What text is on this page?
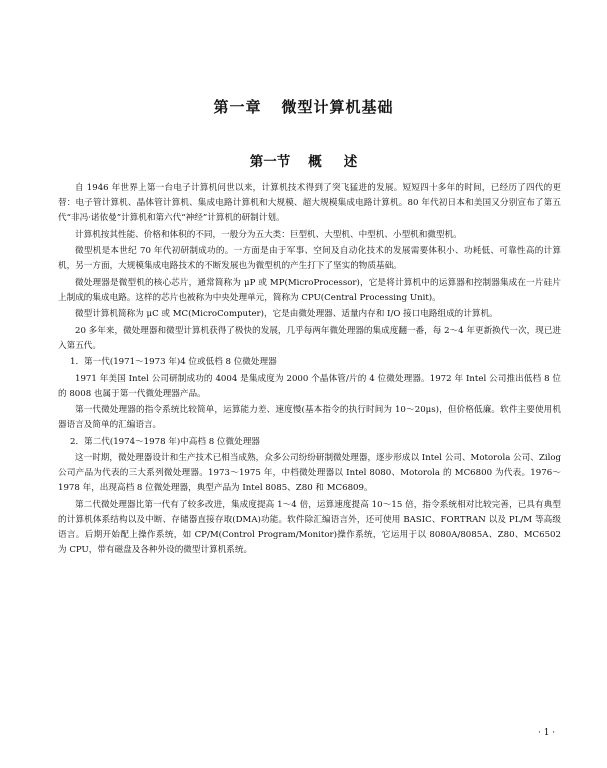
第一章 微型计算机基础
第一节 概 述

自 1946 年世界上第一台电子计算机问世以来，计算机技术得到了突飞猛进的发展。短短四十多年的时间，已经历了四代的更替：电子管计算机、晶体管计算机、集成电路计算机和大规模、超大规模集成电路计算机。80 年代初日本和美国又分别宣布了第五代“非冯·诺依曼”计算机和第六代“神经”计算机的研制计划。

计算机按其性能、价格和体积的不同，一般分为五大类：巨型机、大型机、中型机、小型机和微型机。

微型机是本世纪 70 年代初研制成功的。一方面是由于军事、空间及自动化技术的发展需要体积小、功耗低、可靠性高的计算机，另一方面，大规模集成电路技术的不断发展也为微型机的产生打下了坚实的物质基础。

微处理器是微型机的核心芯片，通常简称为 μP 或 MP(MicroProcessor)，它是将计算机中的运算器和控制器集成在一片硅片上制成的集成电路。这样的芯片也被称为中央处理单元，简称为 CPU(Central Processing Unit)。

微型计算机简称为 μC 或 MC(MicroComputer)，它是由微处理器、适量内存和 I/O 接口电路组成的计算机。

20 多年来，微处理器和微型计算机获得了极快的发展，几乎每两年微处理器的集成度翻一番，每 2～4 年更新换代一次，现已进入第五代。

1．第一代(1971～1973 年)4 位或低档 8 位微处理器

1971 年美国 Intel 公司研制成功的 4004 是集成度为 2000 个晶体管/片的 4 位微处理器。1972 年 Intel 公司推出低档 8 位的 8008 也属于第一代微处理器产品。

第一代微处理器的指令系统比较简单，运算能力差、速度慢(基本指令的执行时间为 10～20μs)，但价格低廉。软件主要使用机器语言及简单的汇编语言。

2．第二代(1974～1978 年)中高档 8 位微处理器

这一时期，微处理器设计和生产技术已相当成熟，众多公司纷纷研制微处理器，逐步形成以 Intel 公司、Motorola 公司、Zilog 公司产品为代表的三大系列微处理器。1973～1975 年，中档微处理器以 Intel 8080、Motorola 的 MC6800 为代表。1976～1978 年，出现高档 8 位微处理器，典型产品为 Intel 8085、Z80 和 MC6809。

第二代微处理器比第一代有了较多改进，集成度提高 1～4 倍，运算速度提高 10～15 倍，指令系统相对比较完善，已具有典型的计算机体系结构以及中断、存储器直接存取(DMA)功能。软件除汇编语言外，还可使用 BASIC、FORTRAN 以及 PL/M 等高级语言。后期开始配上操作系统，如 CP/M(Control Program/Monitor)操作系统，它运用于以 8080A/8085A、Z80、MC6502 为 CPU，带有磁盘及各种外设的微型计算机系统。

· 1 ·
